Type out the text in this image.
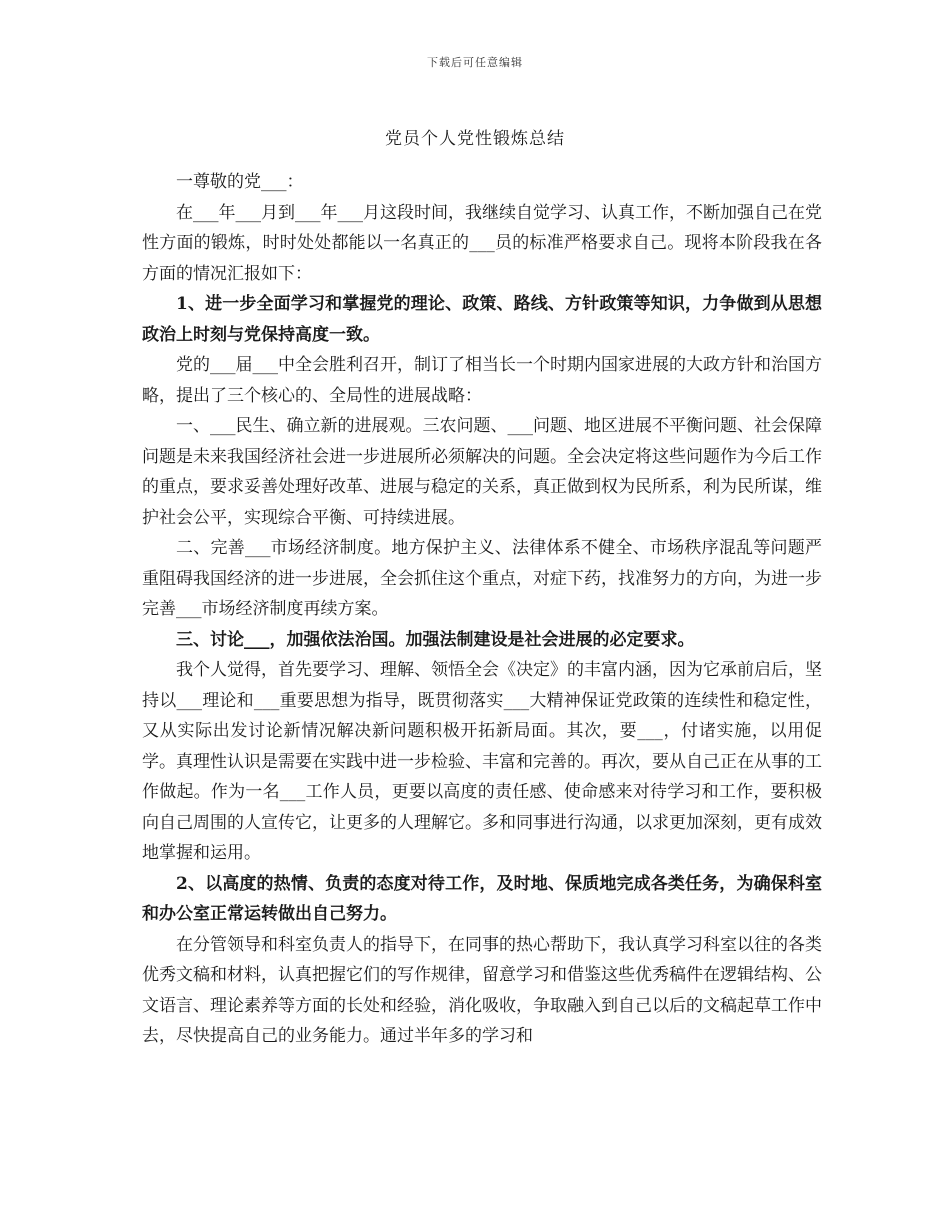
下载后可任意编辑
党员个人党性锻炼总结

一尊敬的党___：

在___年___月到___年___月这段时间，我继续自觉学习、认真工作，不断加强自己在党性方面的锻炼，时时处处都能以一名真正的___员的标准严格要求自己。现将本阶段我在各方面的情况汇报如下：

1、进一步全面学习和掌握党的理论、政策、路线、方针政策等知识，力争做到从思想政治上时刻与党保持高度一致。

党的___届___中全会胜利召开，制订了相当长一个时期内国家进展的大政方针和治国方略，提出了三个核心的、全局性的进展战略：

一、___民生、确立新的进展观。三农问题、___问题、地区进展不平衡问题、社会保障问题是未来我国经济社会进一步进展所必须解决的问题。全会决定将这些问题作为今后工作的重点，要求妥善处理好改革、进展与稳定的关系，真正做到权为民所系，利为民所谋，维护社会公平，实现综合平衡、可持续进展。

二、完善___市场经济制度。地方保护主义、法律体系不健全、市场秩序混乱等问题严重阻碍我国经济的进一步进展，全会抓住这个重点，对症下药，找准努力的方向，为进一步完善___市场经济制度再续方案。

三、讨论___，加强依法治国。加强法制建设是社会进展的必定要求。

我个人觉得，首先要学习、理解、领悟全会《决定》的丰富内涵，因为它承前启后，坚持以___理论和___重要思想为指导，既贯彻落实___大精神保证党政策的连续性和稳定性，又从实际出发讨论新情况解决新问题积极开拓新局面。其次，要___，付诸实施，以用促学。真理性认识是需要在实践中进一步检验、丰富和完善的。再次，要从自己正在从事的工作做起。作为一名___工作人员，更要以高度的责任感、使命感来对待学习和工作，要积极向自己周围的人宣传它，让更多的人理解它。多和同事进行沟通，以求更加深刻，更有成效地掌握和运用。

2、以高度的热情、负责的态度对待工作，及时地、保质地完成各类任务，为确保科室和办公室正常运转做出自己努力。

在分管领导和科室负责人的指导下，在同事的热心帮助下，我认真学习科室以往的各类优秀文稿和材料，认真把握它们的写作规律，留意学习和借鉴这些优秀稿件在逻辑结构、公文语言、理论素养等方面的长处和经验，消化吸收，争取融入到自己以后的文稿起草工作中去，尽快提高自己的业务能力。通过半年多的学习和
